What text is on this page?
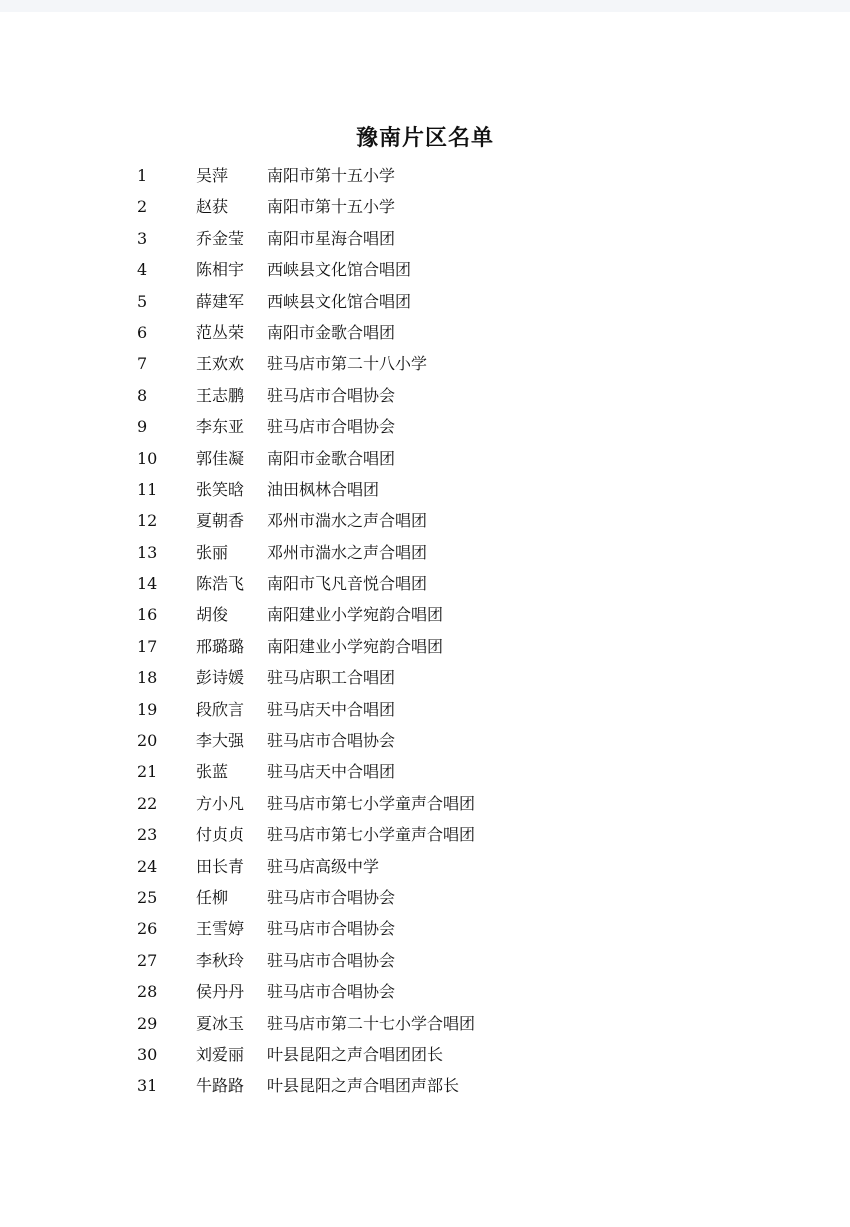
豫南片区名单
1	吴萍 南阳市第十五小学
2	赵获 南阳市第十五小学
3	乔金莹 南阳市星海合唱团
4	陈相宇 西峡县文化馆合唱团
5	薛建军 西峡县文化馆合唱团
6	范丛荣 南阳市金歌合唱团
7	王欢欢 驻马店市第二十八小学
8	王志鹏 驻马店市合唱协会
9	李东亚 驻马店市合唱协会
10 郭佳凝 南阳市金歌合唱团
11 张笑晗 油田枫林合唱团
12 夏朝香 邓州市湍水之声合唱团
13 张丽 邓州市湍水之声合唱团
14 陈浩飞 南阳市飞凡音悦合唱团
16 胡俊 南阳建业小学宛韵合唱团
17 邢璐璐 南阳建业小学宛韵合唱团
18 彭诗媛 驻马店职工合唱团
19 段欣言 驻马店天中合唱团
20 李大强 驻马店市合唱协会
21 张蓝 驻马店天中合唱团
22 方小凡 驻马店市第七小学童声合唱团
23 付贞贞 驻马店市第七小学童声合唱团
24 田长青 驻马店高级中学
25 任柳 驻马店市合唱协会
26 王雪婷 驻马店市合唱协会
27 李秋玲 驻马店市合唱协会
28 侯丹丹 驻马店市合唱协会
29 夏冰玉 驻马店市第二十七小学合唱团
30 刘爱丽 叶县昆阳之声合唱团团长
31 牛路路 叶县昆阳之声合唱团声部长
